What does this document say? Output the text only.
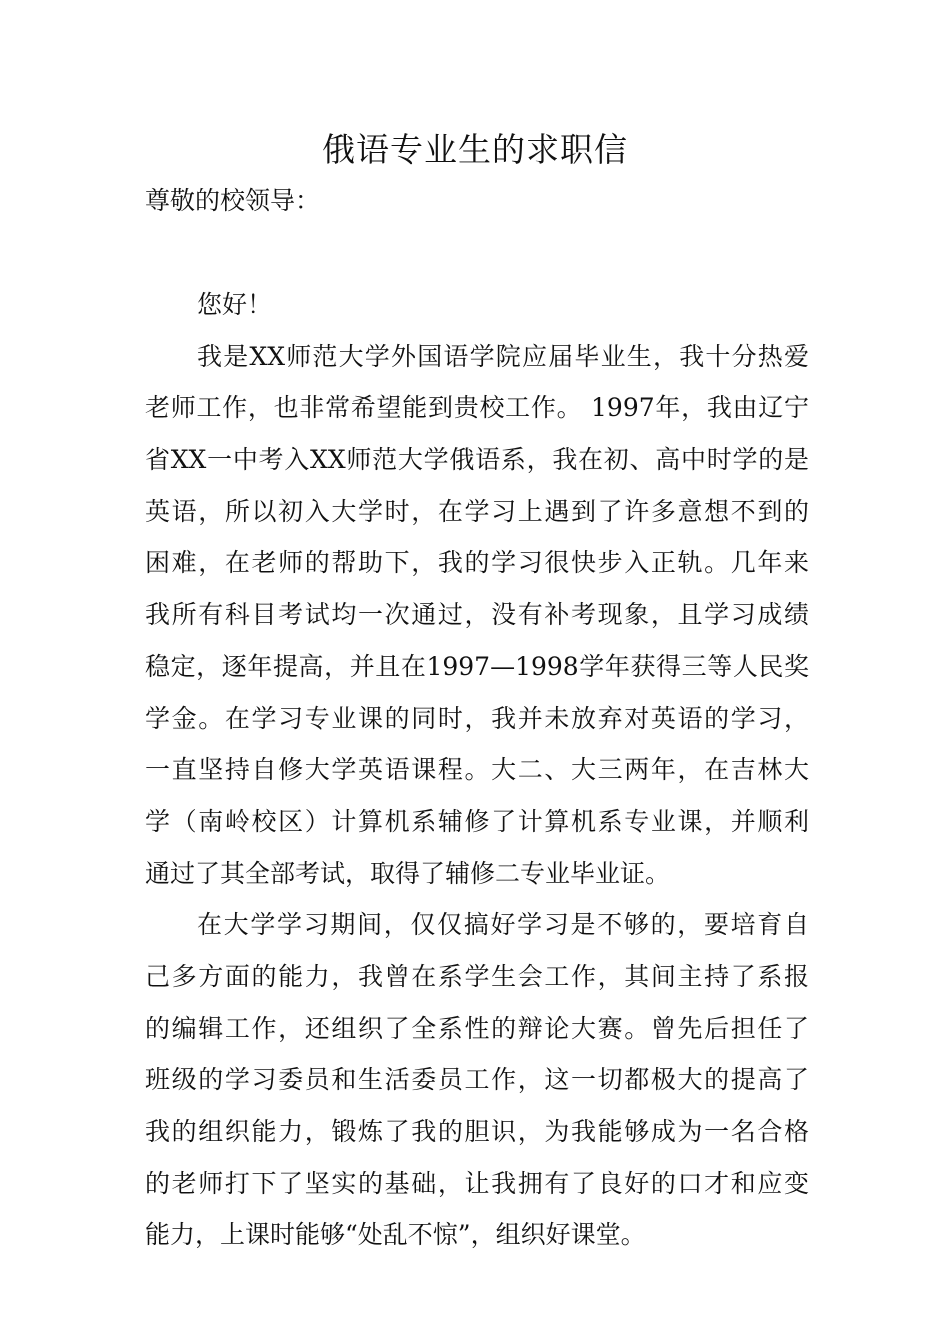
俄语专业生的求职信

尊敬的校领导：

您好！
我是XX师范大学外国语学院应届毕业生，我十分热爱
老师工作，也非常希望能到贵校工作。 1997年，我由辽宁
省XX一中考入XX师范大学俄语系，我在初、高中时学的是
英语，所以初入大学时，在学习上遇到了许多意想不到的
困难，在老师的帮助下，我的学习很快步入正轨。几年来
我所有科目考试均一次通过，没有补考现象，且学习成绩
稳定，逐年提高，并且在1997—1998学年获得三等人民奖
学金。在学习专业课的同时，我并未放弃对英语的学习，
一直坚持自修大学英语课程。大二、大三两年，在吉林大
学（南岭校区）计算机系辅修了计算机系专业课，并顺利
通过了其全部考试，取得了辅修二专业毕业证。
在大学学习期间，仅仅搞好学习是不够的，要培育自
己多方面的能力，我曾在系学生会工作，其间主持了系报
的编辑工作，还组织了全系性的辩论大赛。曾先后担任了
班级的学习委员和生活委员工作，这一切都极大的提高了
我的组织能力，锻炼了我的胆识，为我能够成为一名合格
的老师打下了坚实的基础，让我拥有了良好的口才和应变
能力，上课时能够“处乱不惊”，组织好课堂。
